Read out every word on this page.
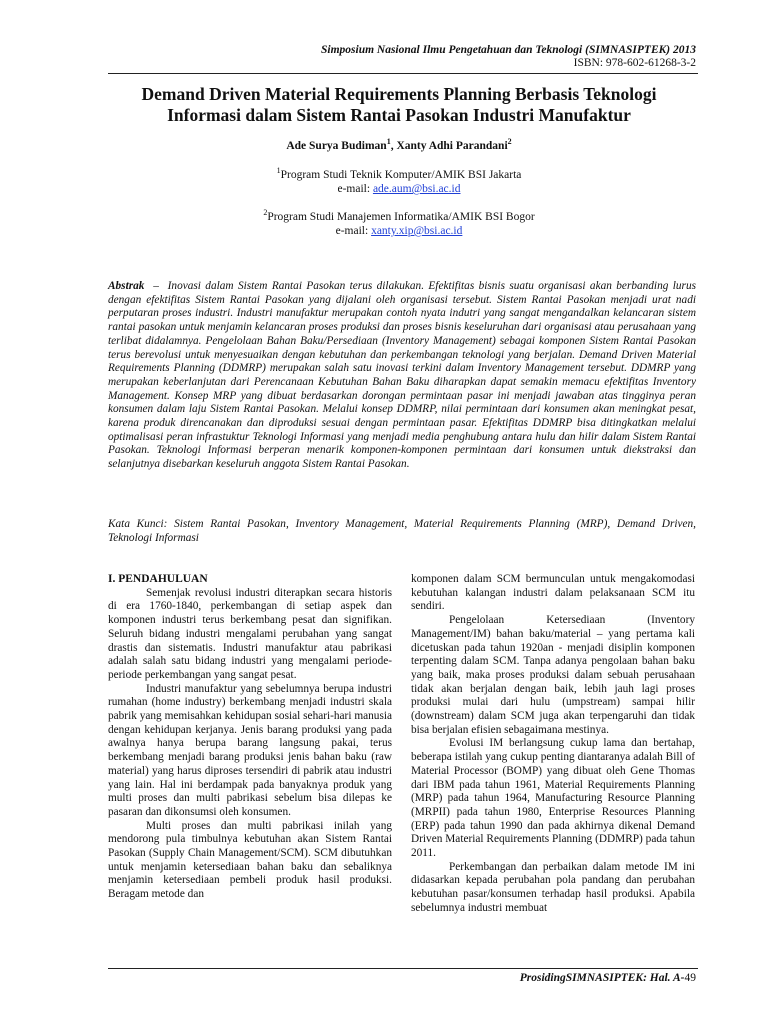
Simposium Nasional Ilmu Pengetahuan dan Teknologi (SIMNASIPTEK) 2013
ISBN: 978-602-61268-3-2
Demand Driven Material Requirements Planning Berbasis Teknologi
Informasi dalam Sistem Rantai Pasokan Industri Manufaktur
Ade Surya Budiman$^1$, Xanty Adhi Parandani$^2$
$^1$Program Studi Teknik Komputer/AMIK BSI Jakarta
e-mail: ade.aum@bsi.ac.id
$^2$Program Studi Manajemen Informatika/AMIK BSI Bogor
e-mail: xanty.xip@bsi.ac.id
Abstrak  –  Inovasi dalam Sistem Rantai Pasokan terus dilakukan. Efektifitas bisnis suatu organisasi akan berbanding lurus dengan efektifitas Sistem Rantai Pasokan yang dijalani oleh organisasi tersebut. Sistem Rantai Pasokan menjadi urat nadi perputaran proses industri. Industri manufaktur merupakan contoh nyata indutri yang sangat mengandalkan kelancaran sistem rantai pasokan untuk menjamin kelancaran proses produksi dan proses bisnis keseluruhan dari organisasi atau perusahaan yang terlibat didalamnya. Pengelolaan Bahan Baku/Persediaan (Inventory Management) sebagai komponen Sistem Rantai Pasokan terus berevolusi untuk menyesuaikan dengan kebutuhan dan perkembangan teknologi yang berjalan. Demand Driven Material Requirements Planning (DDMRP) merupakan salah satu inovasi terkini dalam Inventory Management tersebut. DDMRP yang merupakan keberlanjutan dari Perencanaan Kebutuhan Bahan Baku diharapkan dapat semakin memacu efektifitas Inventory Management. Konsep MRP yang dibuat berdasarkan dorongan permintaan pasar ini menjadi jawaban atas tingginya peran konsumen dalam laju Sistem Rantai Pasokan. Melalui konsep DDMRP, nilai permintaan dari konsumen akan meningkat pesat, karena produk direncanakan dan diproduksi sesuai dengan permintaan pasar. Efektifitas DDMRP bisa ditingkatkan melalui optimalisasi peran infrastuktur Teknologi Informasi yang menjadi media penghubung antara hulu dan hilir dalam Sistem Rantai Pasokan. Teknologi Informasi berperan menarik komponen-komponen permintaan dari konsumen untuk diekstraksi dan selanjutnya disebarkan keseluruh anggota Sistem Rantai Pasokan.
Kata Kunci: Sistem Rantai Pasokan, Inventory Management, Material Requirements Planning (MRP), Demand Driven, Teknologi Informasi

I. PENDAHULUAN

Semenjak revolusi industri diterapkan secara historis di era 1760-1840, perkembangan di setiap aspek dan komponen industri terus berkembang pesat dan signifikan. Seluruh bidang industri mengalami perubahan yang sangat drastis dan sistematis. Industri manufaktur atau pabrikasi adalah salah satu bidang industri yang mengalami periode-periode perkembangan yang sangat pesat.

Industri manufaktur yang sebelumnya berupa industri rumahan (home industry) berkembang menjadi industri skala pabrik yang memisahkan kehidupan sosial sehari-hari manusia dengan kehidupan kerjanya. Jenis barang produksi yang pada awalnya hanya berupa barang langsung pakai, terus berkembang menjadi barang produksi jenis bahan baku (raw material) yang harus diproses tersendiri di pabrik atau industri yang lain. Hal ini berdampak pada banyaknya produk yang multi proses dan multi pabrikasi sebelum bisa dilepas ke pasaran dan dikonsumsi oleh konsumen.

Multi proses dan multi pabrikasi inilah yang mendorong pula timbulnya kebutuhan akan Sistem Rantai Pasokan (Supply Chain Management/SCM). SCM dibutuhkan untuk menjamin ketersediaan bahan baku dan sebaliknya menjamin ketersediaan pembeli produk hasil produksi. Beragam metode dan

komponen dalam SCM bermunculan untuk mengakomodasi kebutuhan kalangan industri dalam pelaksanaan SCM itu sendiri.

Pengelolaan Ketersediaan (Inventory Management/IM) bahan baku/material – yang pertama kali dicetuskan pada tahun 1920an - menjadi disiplin komponen terpenting dalam SCM. Tanpa adanya pengolaan bahan baku yang baik, maka proses produksi dalam sebuah perusahaan tidak akan berjalan dengan baik, lebih jauh lagi proses produksi mulai dari hulu (umpstream) sampai hilir (downstream) dalam SCM juga akan terpengaruhi dan tidak bisa berjalan efisien sebagaimana mestinya.

Evolusi IM berlangsung cukup lama dan bertahap, beberapa istilah yang cukup penting diantaranya adalah Bill of Material Processor (BOMP) yang dibuat oleh Gene Thomas dari IBM pada tahun 1961, Material Requirements Planning (MRP) pada tahun 1964, Manufacturing Resource Planning (MRPII) pada tahun 1980, Enterprise Resources Planning (ERP) pada tahun 1990 dan pada akhirnya dikenal Demand Driven Material Requirements Planning (DDMRP) pada tahun 2011.

Perkembangan dan perbaikan dalam metode IM ini didasarkan kepada perubahan pola pandang dan perubahan kebutuhan pasar/konsumen terhadap hasil produksi. Apabila sebelumnya industri membuat

ProsidingSIMNASIPTEK: Hal. A-49
